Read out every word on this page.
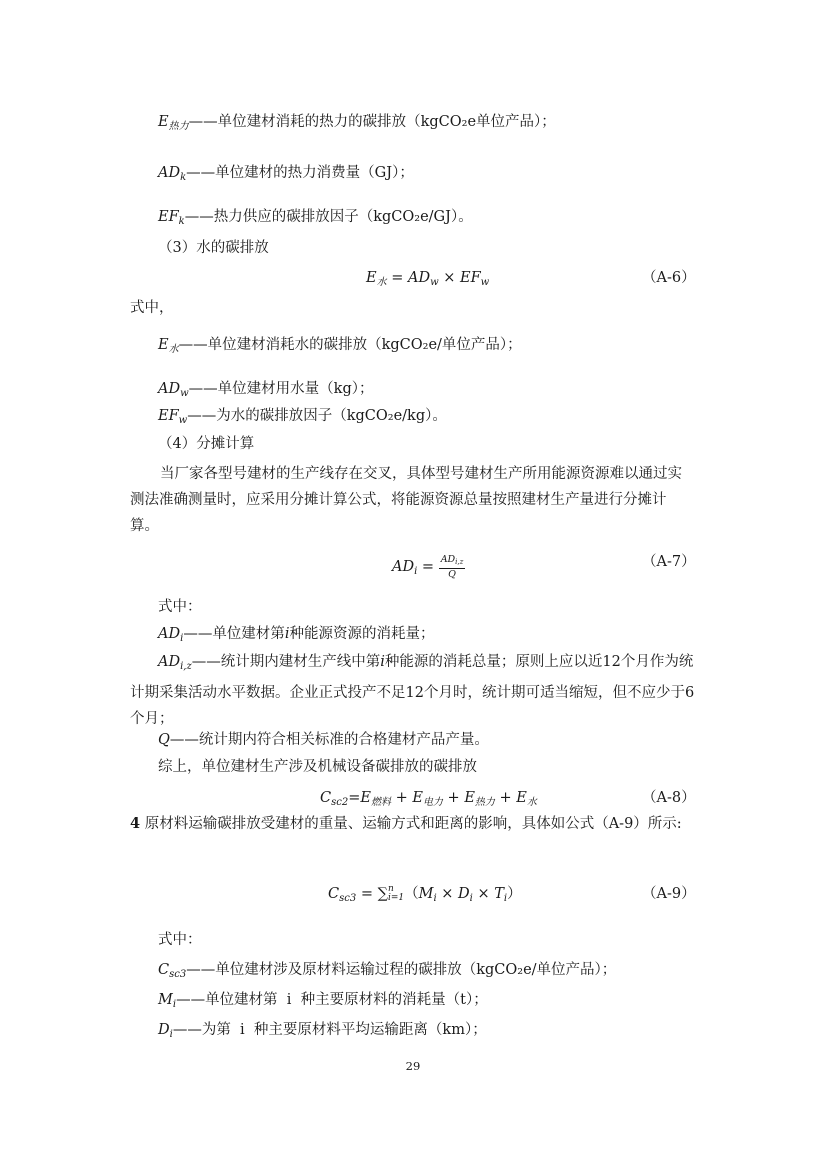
$E_{热力}——$单位建材消耗的热力的碳排放（kgCO₂e单位产品）；
$AD_k——$单位建材的热力消费量（GJ）；
$EF_k——$热力供应的碳排放因子（kgCO₂e/GJ）。
（3）水的碳排放
$E_水 = AD_w \times EF_w$	（A-6）
式中，
$E_水——$单位建材消耗水的碳排放（kgCO₂e/单位产品）；
$AD_w——$单位建材用水量（kg）；
$EF_w——$为水的碳排放因子（kgCO₂e/kg）。
（4）分摊计算
当厂家各型号建材的生产线存在交叉，具体型号建材生产所用能源资源难以通过实测法准确测量时，应采用分摊计算公式，将能源资源总量按照建材生产量进行分摊计算。
$AD_i = \frac{AD_{i,z}}{Q}$	（A-7）
式中：
$AD_i——$单位建材第i种能源资源的消耗量；
$AD_{i,z}——$统计期内建材生产线中第i种能源的消耗总量；原则上应以近12个月作为统计期采集活动水平数据。企业正式投产不足12个月时，统计期可适当缩短，但不应少于6个月；
Q——统计期内符合相关标准的合格建材产品产量。
综上，单位建材生产涉及机械设备碳排放的碳排放
$C_{sc2}=E_{燃料} + E_{电力} + E_{热力} + E_水$	（A-8）
4 原材料运输碳排放受建材的重量、运输方式和距离的影响，具体如公式（A-9）所示:
$C_{sc3}$ = ∑ n
i=1 $(M_i \times D_i \times T_i)$	（A-9）
式中：
$C_{sc3}——$单位建材涉及原材料运输过程的碳排放（kgCO₂e/单位产品）；
$M_i——$单位建材第  i  种主要原材料的消耗量（t）；
$D_i——$为第  i  种主要原材料平均运输距离（km）；
29
